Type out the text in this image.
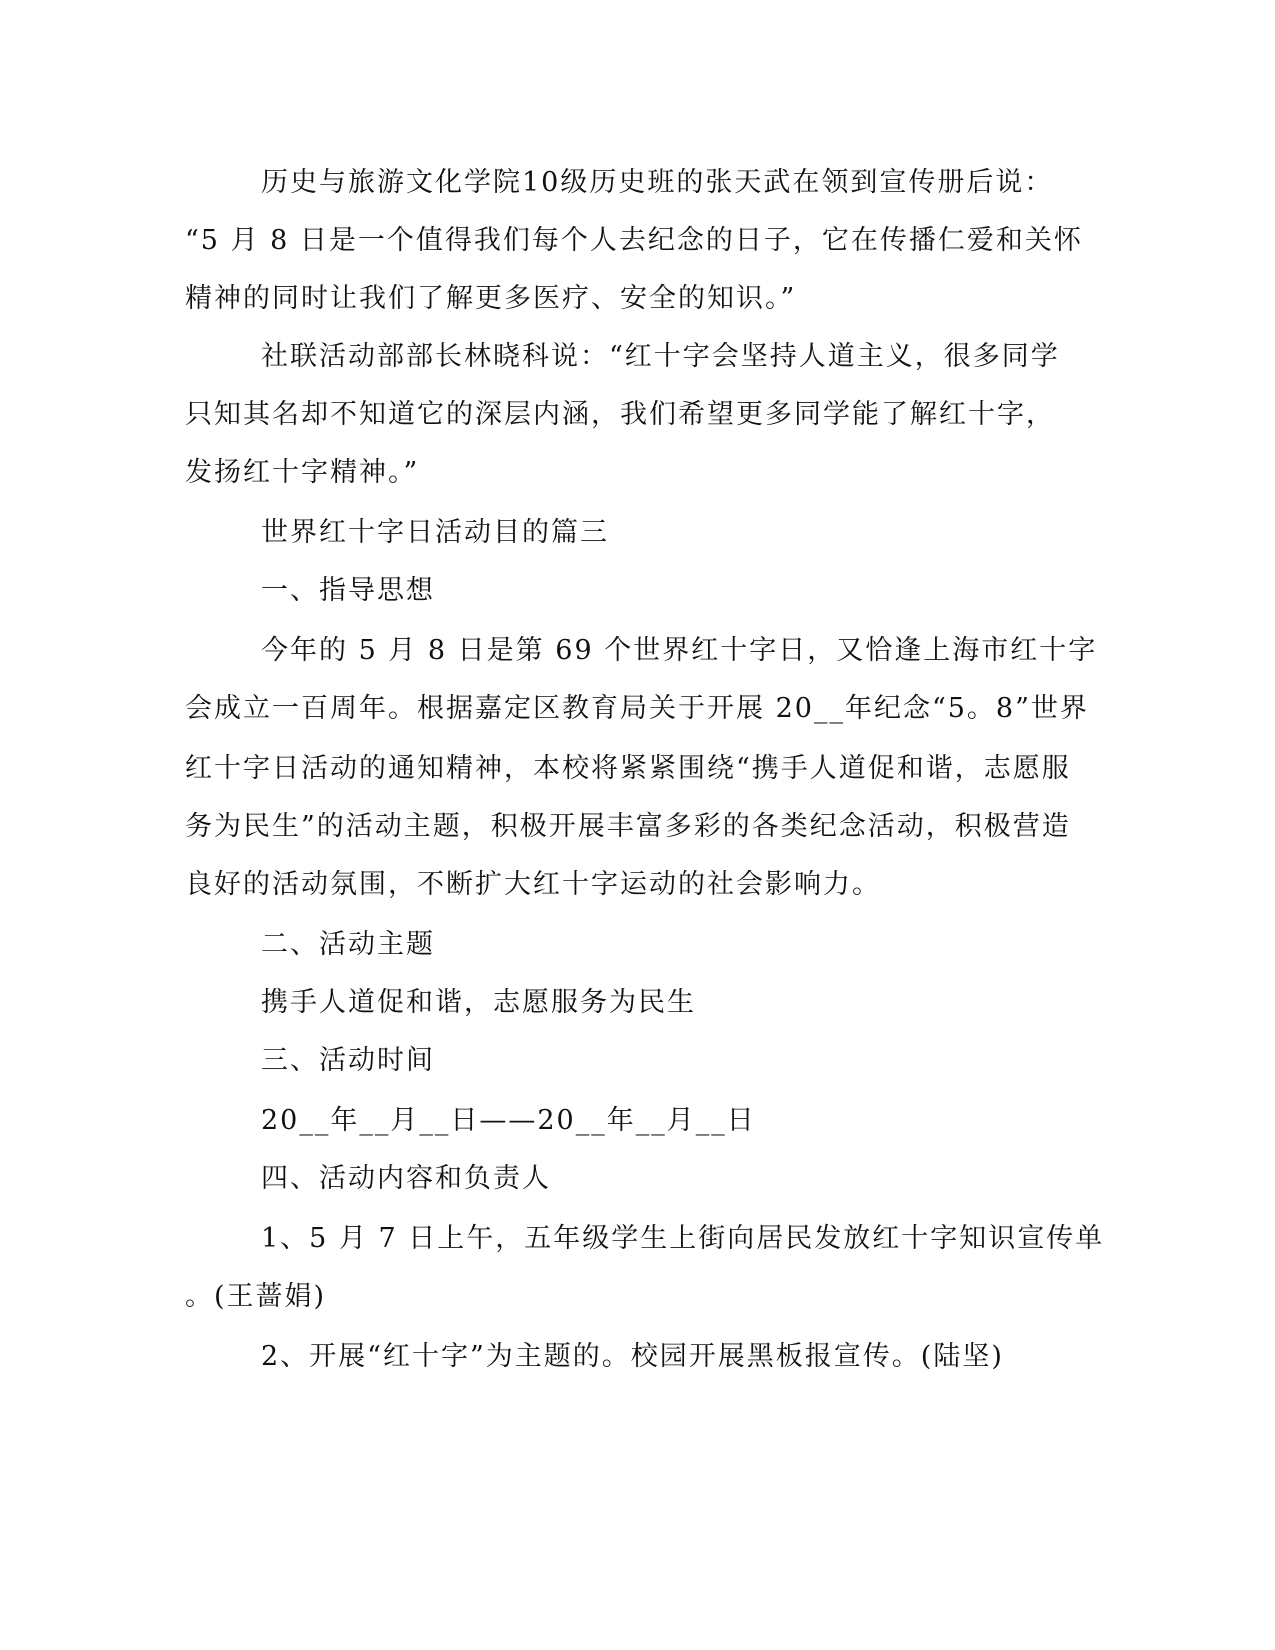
历史与旅游文化学院10级历史班的张天武在领到宣传册后说：
“5 月 8 日是一个值得我们每个人去纪念的日子，它在传播仁爱和关怀
精神的同时让我们了解更多医疗、安全的知识。”
社联活动部部长林晓科说：“红十字会坚持人道主义，很多同学
只知其名却不知道它的深层内涵，我们希望更多同学能了解红十字，
发扬红十字精神。”
世界红十字日活动目的篇三
一、指导思想
今年的 5 月 8 日是第 69 个世界红十字日，又恰逢上海市红十字
会成立一百周年。根据嘉定区教育局关于开展 20__年纪念“5。8”世界
红十字日活动的通知精神，本校将紧紧围绕“携手人道促和谐，志愿服
务为民生”的活动主题，积极开展丰富多彩的各类纪念活动，积极营造
良好的活动氛围，不断扩大红十字运动的社会影响力。
二、活动主题
携手人道促和谐，志愿服务为民生
三、活动时间
20__年__月__日——20__年__月__日
四、活动内容和负责人
1、5 月 7 日上午，五年级学生上街向居民发放红十字知识宣传单
。(王蔷娟)
2、开展“红十字”为主题的。校园开展黑板报宣传。(陆坚)
